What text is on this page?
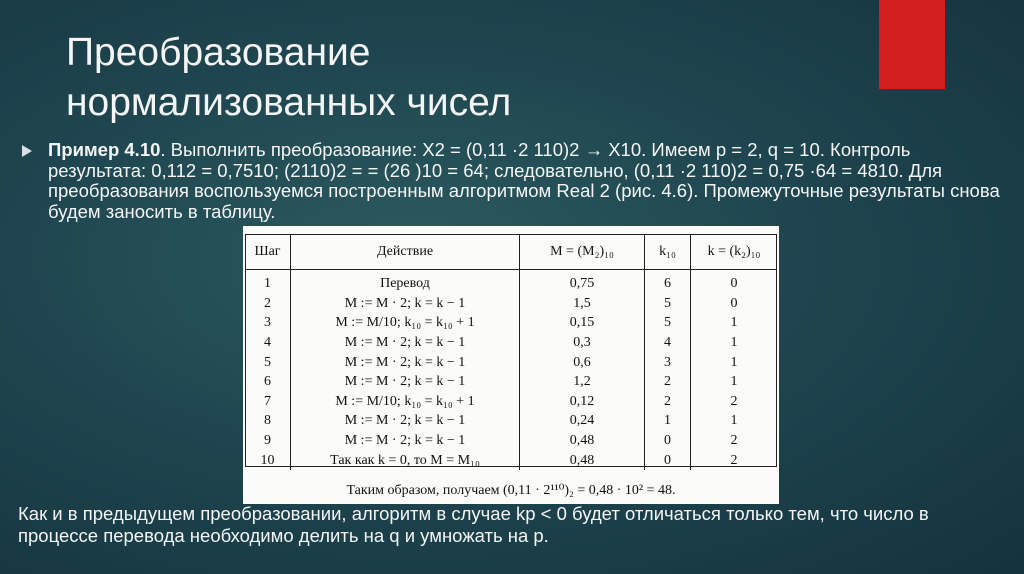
Преобразование
нормализованных чисел
Пример 4.10. Выполнить преобразование: X2 = (0,11 ·2 110)2 → X10. Имеем p = 2, q = 10. Контроль результата: 0,112 = 0,7510; (2110)2 = = (26 )10 = 64; следовательно, (0,11 ·2 110)2 = 0,75 ·64 = 4810. Для преобразования воспользуемся построенным алгоритмом Real 2 (рис. 4.6). Промежуточные результаты снова будем заносить в таблицу.
Шаг	Действие	M = (M₂)₁₀	k₁₀	k = (k₂)₁₀
1	Перевод	0,75	6	0
2	M := M · 2; k = k − 1	1,5	5	0
3	M := M/10; k₁₀ = k₁₀ + 1	0,15	5	1
4	M := M · 2; k = k − 1	0,3	4	1
5	M := M · 2; k = k − 1	0,6	3	1
6	M := M · 2; k = k − 1	1,2	2	1
7	M := M/10; k₁₀ = k₁₀ + 1	0,12	2	2
8	M := M · 2; k = k − 1	0,24	1	1
9	M := M · 2; k = k − 1	0,48	0	2
10	Так как k = 0, то M = M₁₀	0,48	0	2
Таким образом, получаем (0,11 · 2¹¹⁰)₂ = 0,48 · 10² = 48.
Как и в предыдущем преобразовании, алгоритм в случае kp < 0 будет отличаться только тем, что число в процессе перевода необходимо делить на q и умножать на p.
